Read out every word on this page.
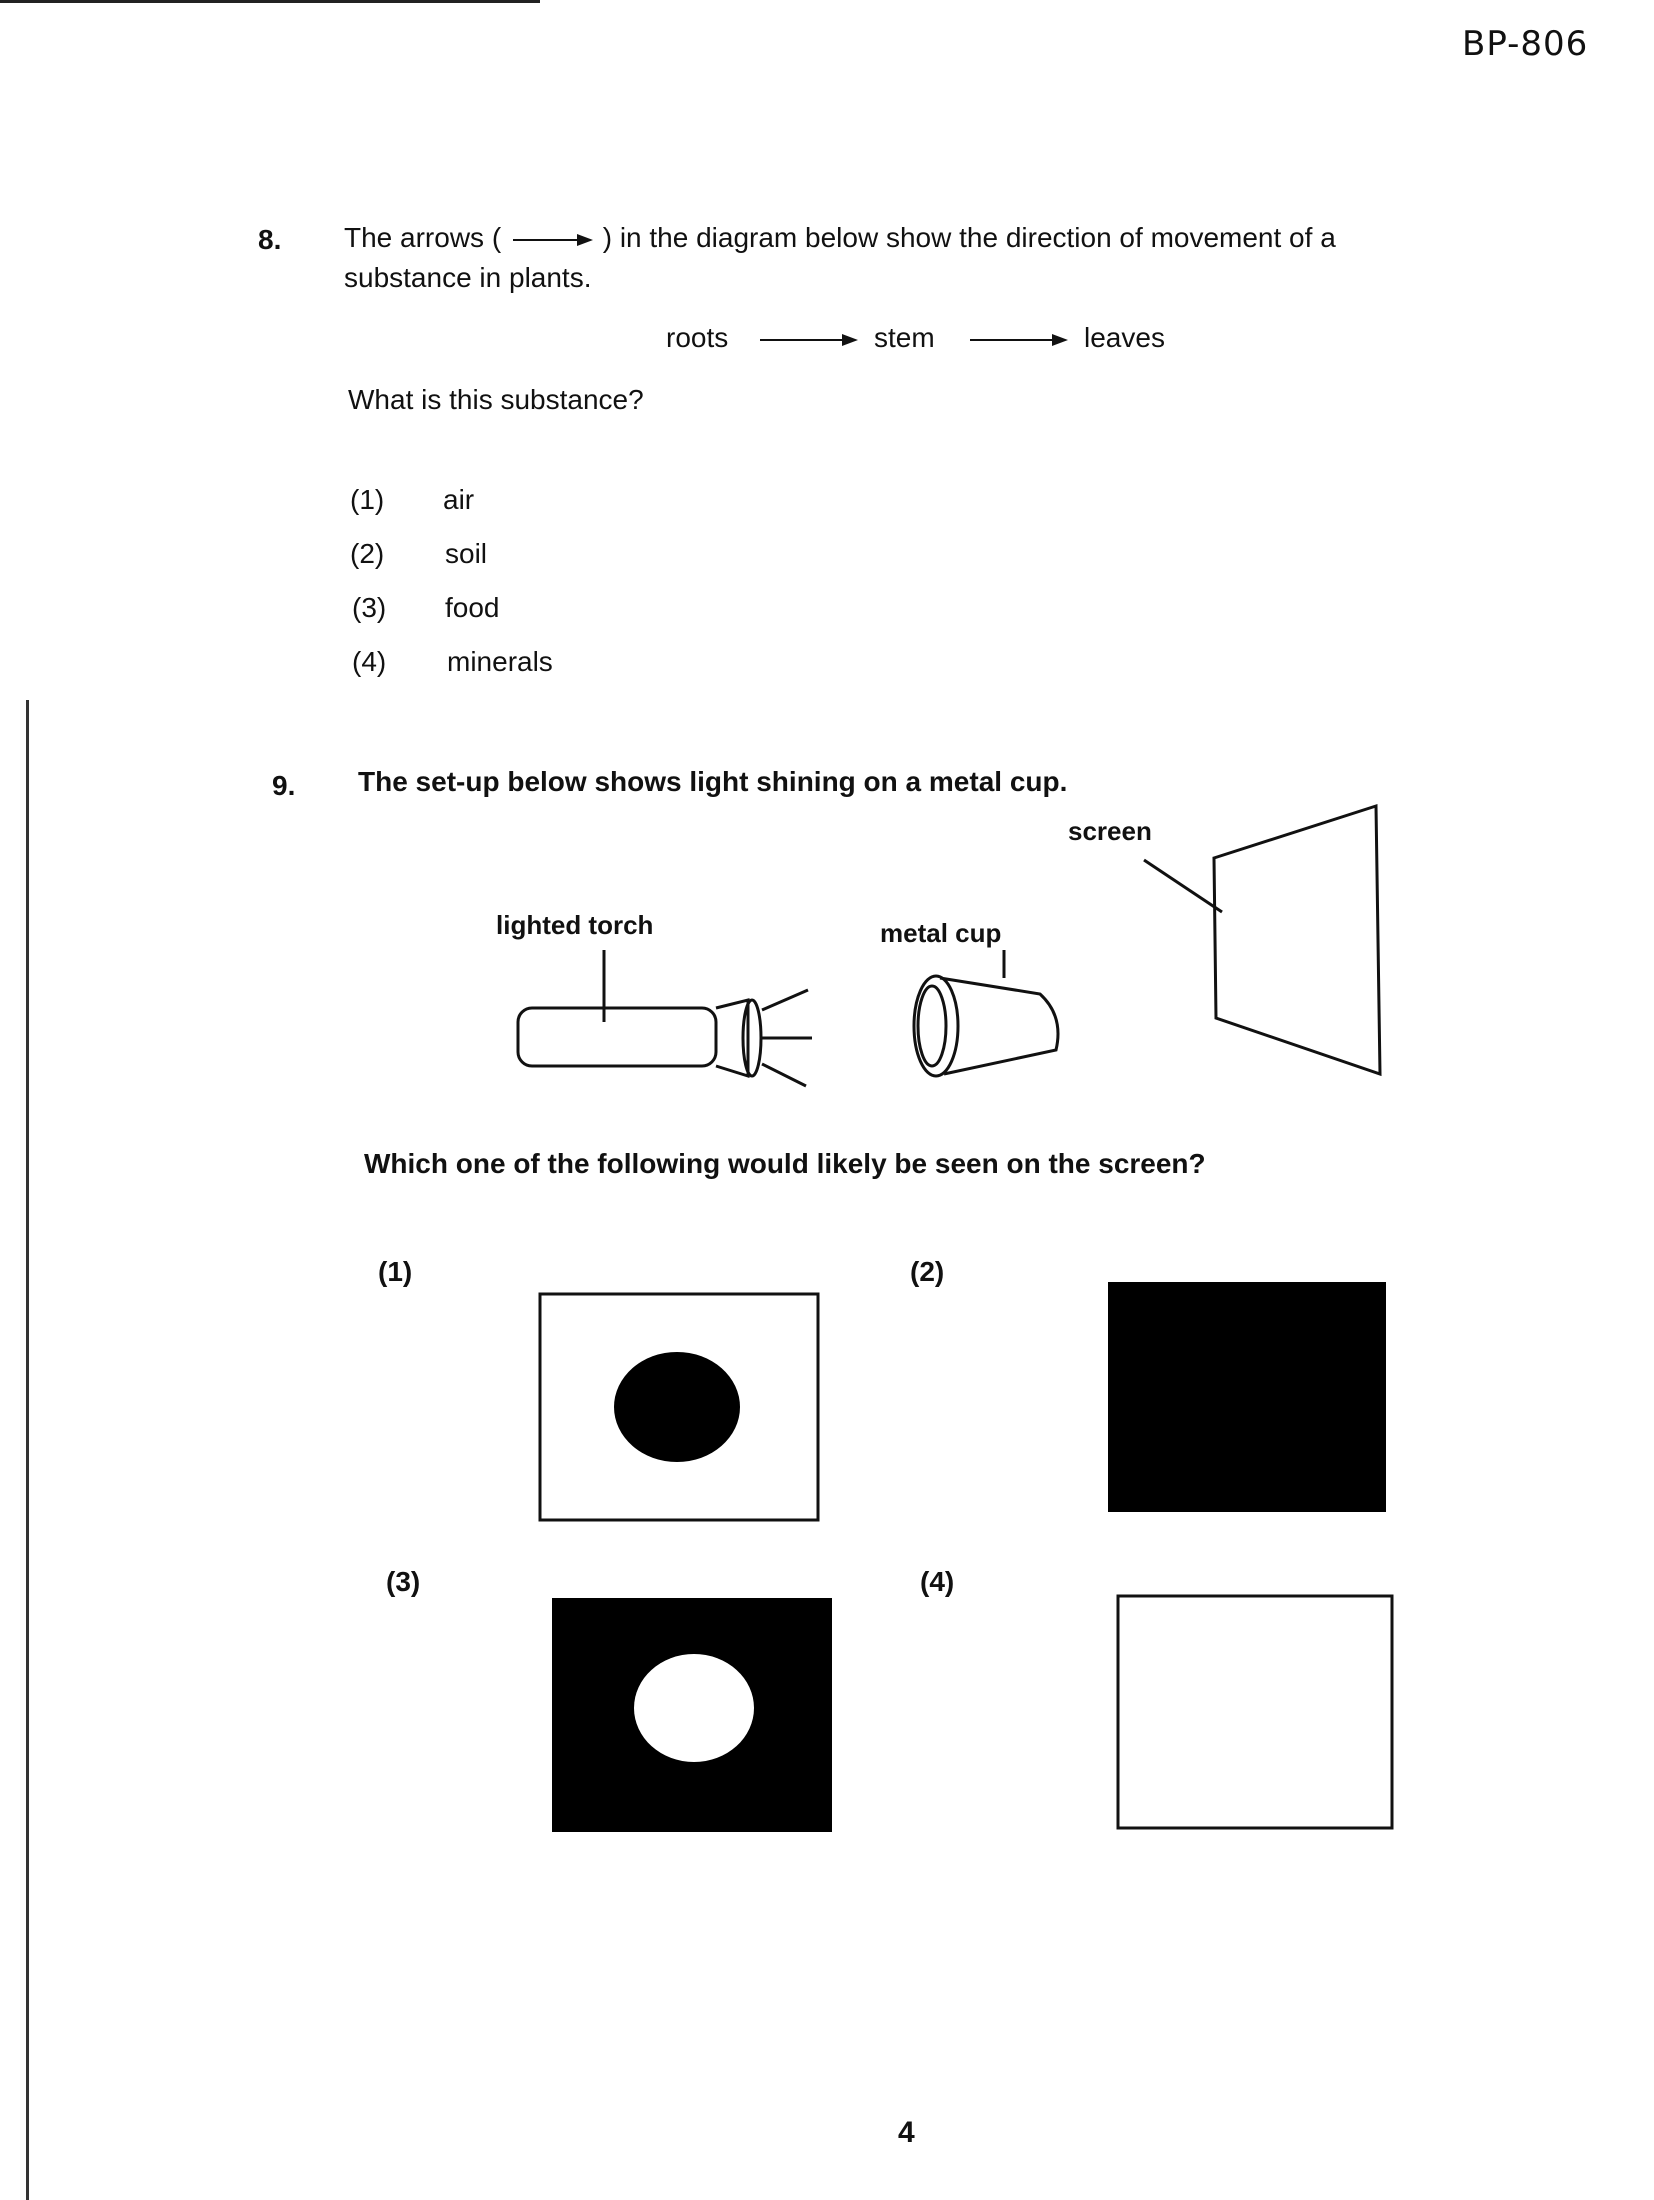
BP-806
8. The arrows (	) in the diagram below show the direction of movement of a
substance in plants.
roots	stem	leaves
What is this substance?
(1) air
(2) soil
(3) food
(4) minerals
9. The set-up below shows light shining on a metal cup.
screen
lighted torch	metal cup
Which one of the following would likely be seen on the screen?
(1)	(2)
(3)	(4)
4
